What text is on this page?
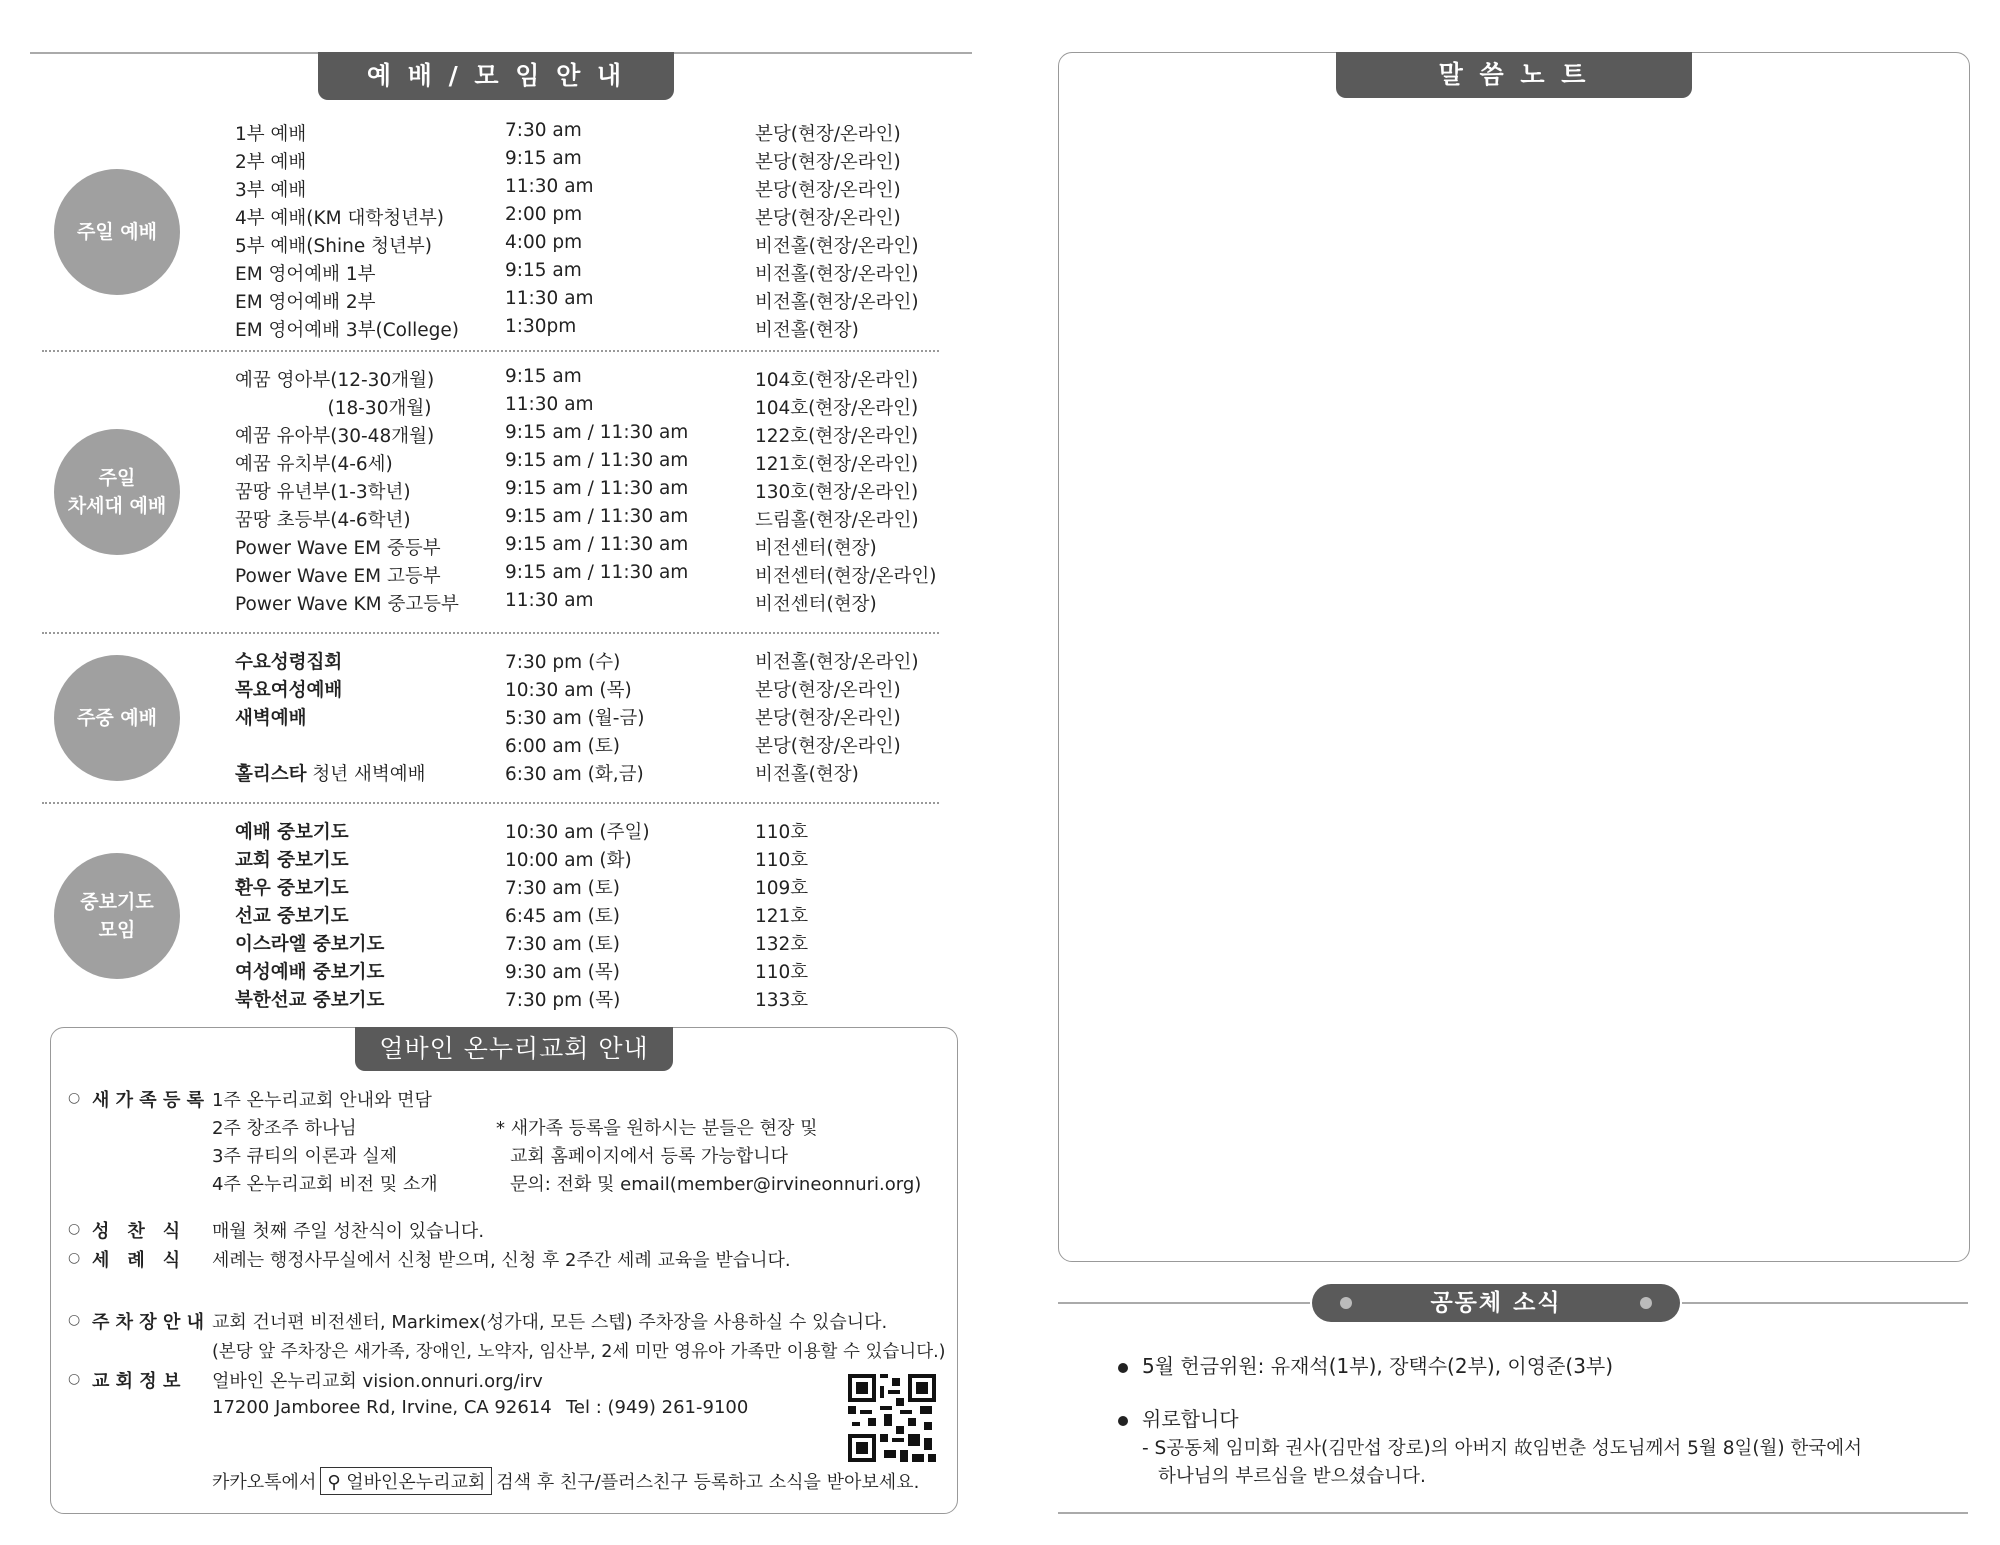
예 배 / 모 임 안 내
주일 예배
1부 예배	7:30 am	본당(현장/온라인)
2부 예배	9:15 am	본당(현장/온라인)
3부 예배	11:30 am	본당(현장/온라인)
4부 예배(KM 대학청년부)	2:00 pm	본당(현장/온라인)
5부 예배(Shine 청년부)	4:00 pm	비전홀(현장/온라인)
EM 영어예배 1부	9:15 am	비전홀(현장/온라인)
EM 영어예배 2부	11:30 am	비전홀(현장/온라인)
EM 영어예배 3부(College) 1:30pm	비전홀(현장)
주일
차세대 예배
예꿈 영아부(12-30개월)	9:15 am	104호(현장/온라인)
　　　　　(18-30개월)	11:30 am	104호(현장/온라인)
예꿈 유아부(30-48개월)	9:15 am / 11:30 am	122호(현장/온라인)
예꿈 유치부(4-6세)	9:15 am / 11:30 am	121호(현장/온라인)
꿈땅 유년부(1-3학년)	9:15 am / 11:30 am	130호(현장/온라인)
꿈땅 초등부(4-6학년)	9:15 am / 11:30 am	드림홀(현장/온라인)
Power Wave EM 중등부	9:15 am / 11:30 am	비전센터(현장)
Power Wave EM 고등부	9:15 am / 11:30 am	비전센터(현장/온라인)
Power Wave KM 중고등부 11:30 am	비전센터(현장)
주중 예배
수요성령집회	7:30 pm (수)	비전홀(현장/온라인)
목요여성예배	10:30 am (목)	본당(현장/온라인)
새벽예배	5:30 am (월-금)	본당(현장/온라인)
6:00 am (토)	본당(현장/온라인)
홀리스타 청년 새벽예배	6:30 am (화,금)	비전홀(현장)
중보기도
모임
예배 중보기도	10:30 am (주일)	110호
교회 중보기도	10:00 am (화)	110호
환우 중보기도	7:30 am (토)	109호
선교 중보기도	6:45 am (토)	121호
이스라엘 중보기도	7:30 am (토)	132호
여성예배 중보기도	9:30 am (목)	110호
북한선교 중보기도	7:30 pm (목)	133호
얼바인 온누리교회 안내
○ 새 가 족 등 록 1주 온누리교회 안내와 면담
2주 창조주 하나님
3주 큐티의 이론과 실제
4주 온누리교회 비전 및 소개
* 새가족 등록을 원하시는 분들은 현장 및
교회 홈페이지에서 등록 가능합니다
문의: 전화 및 email(member@irvineonnuri.org)
○ 성　찬　식	매월 첫째 주일 성찬식이 있습니다.
○ 세　례　식	세례는 행정사무실에서 신청 받으며, 신청 후 2주간 세례 교육을 받습니다.
○ 주 차 장 안 내 교회 건너편 비전센터, Markimex(성가대, 모든 스텝) 주차장을 사용하실 수 있습니다.
(본당 앞 주차장은 새가족, 장애인, 노약자, 임산부, 2세 미만 영유아 가족만 이용할 수 있습니다.)
○ 교 회 정 보	얼바인 온누리교회 vision.onnuri.org/irv
17200 Jamboree Rd, Irvine, CA 92614 Tel : (949) 261-9100
카카오톡에서 ⚲ 얼바인온누리교회 검색 후 친구/플러스친구 등록하고 소식을 받아보세요.
말 씀 노 트
공동체 소식
5월 헌금위원: 유재석(1부), 장택수(2부), 이영준(3부)
위로합니다
- S공동체 임미화 권사(김만섭 장로)의 아버지 故임번춘 성도님께서 5월 8일(월) 한국에서
하나님의 부르심을 받으셨습니다.
